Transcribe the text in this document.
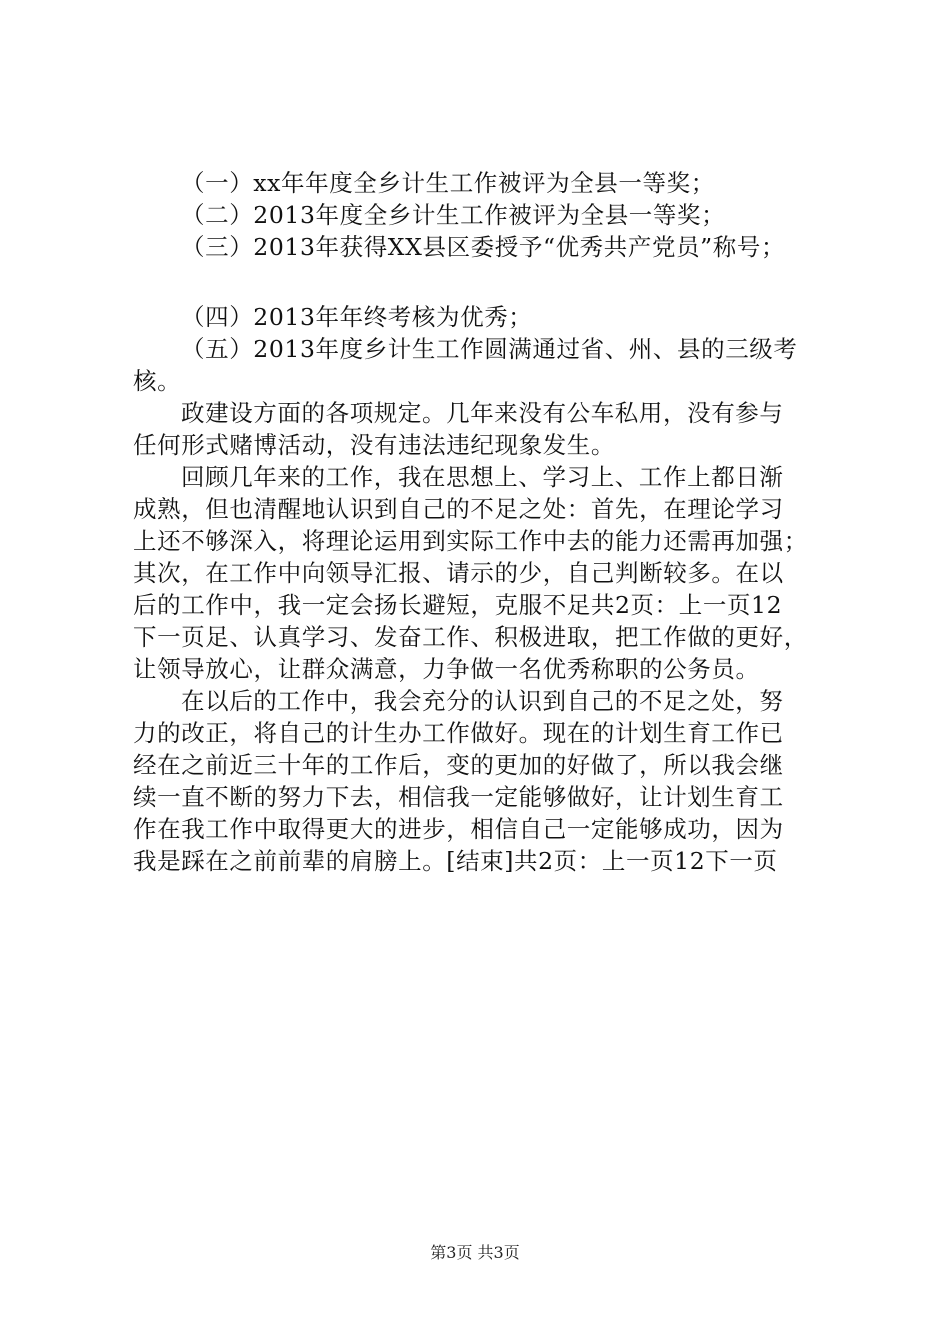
（一）xx年年度全乡计生工作被评为全县一等奖；

（二）2013年度全乡计生工作被评为全县一等奖；

（三）2013年获得XX县区委授予“优秀共产党员”称号；

（四）2013年年终考核为优秀；

（五）2013年度乡计生工作圆满通过省、州、县的三级考

核。

政建设方面的各项规定。几年来没有公车私用，没有参与

任何形式赌博活动，没有违法违纪现象发生。

回顾几年来的工作，我在思想上、学习上、工作上都日渐

成熟，但也清醒地认识到自己的不足之处：首先，在理论学习

上还不够深入，将理论运用到实际工作中去的能力还需再加强；

其次，在工作中向领导汇报、请示的少，自己判断较多。在以

后的工作中，我一定会扬长避短，克服不足共2页：上一页12

下一页足、认真学习、发奋工作、积极进取，把工作做的更好，

让领导放心，让群众满意，力争做一名优秀称职的公务员。

在以后的工作中，我会充分的认识到自己的不足之处，努

力的改正，将自己的计生办工作做好。现在的计划生育工作已

经在之前近三十年的工作后，变的更加的好做了，所以我会继

续一直不断的努力下去，相信我一定能够做好，让计划生育工

作在我工作中取得更大的进步，相信自己一定能够成功，因为

我是踩在之前前辈的肩膀上。[结束]共2页：上一页12下一页

第3页 共3页
